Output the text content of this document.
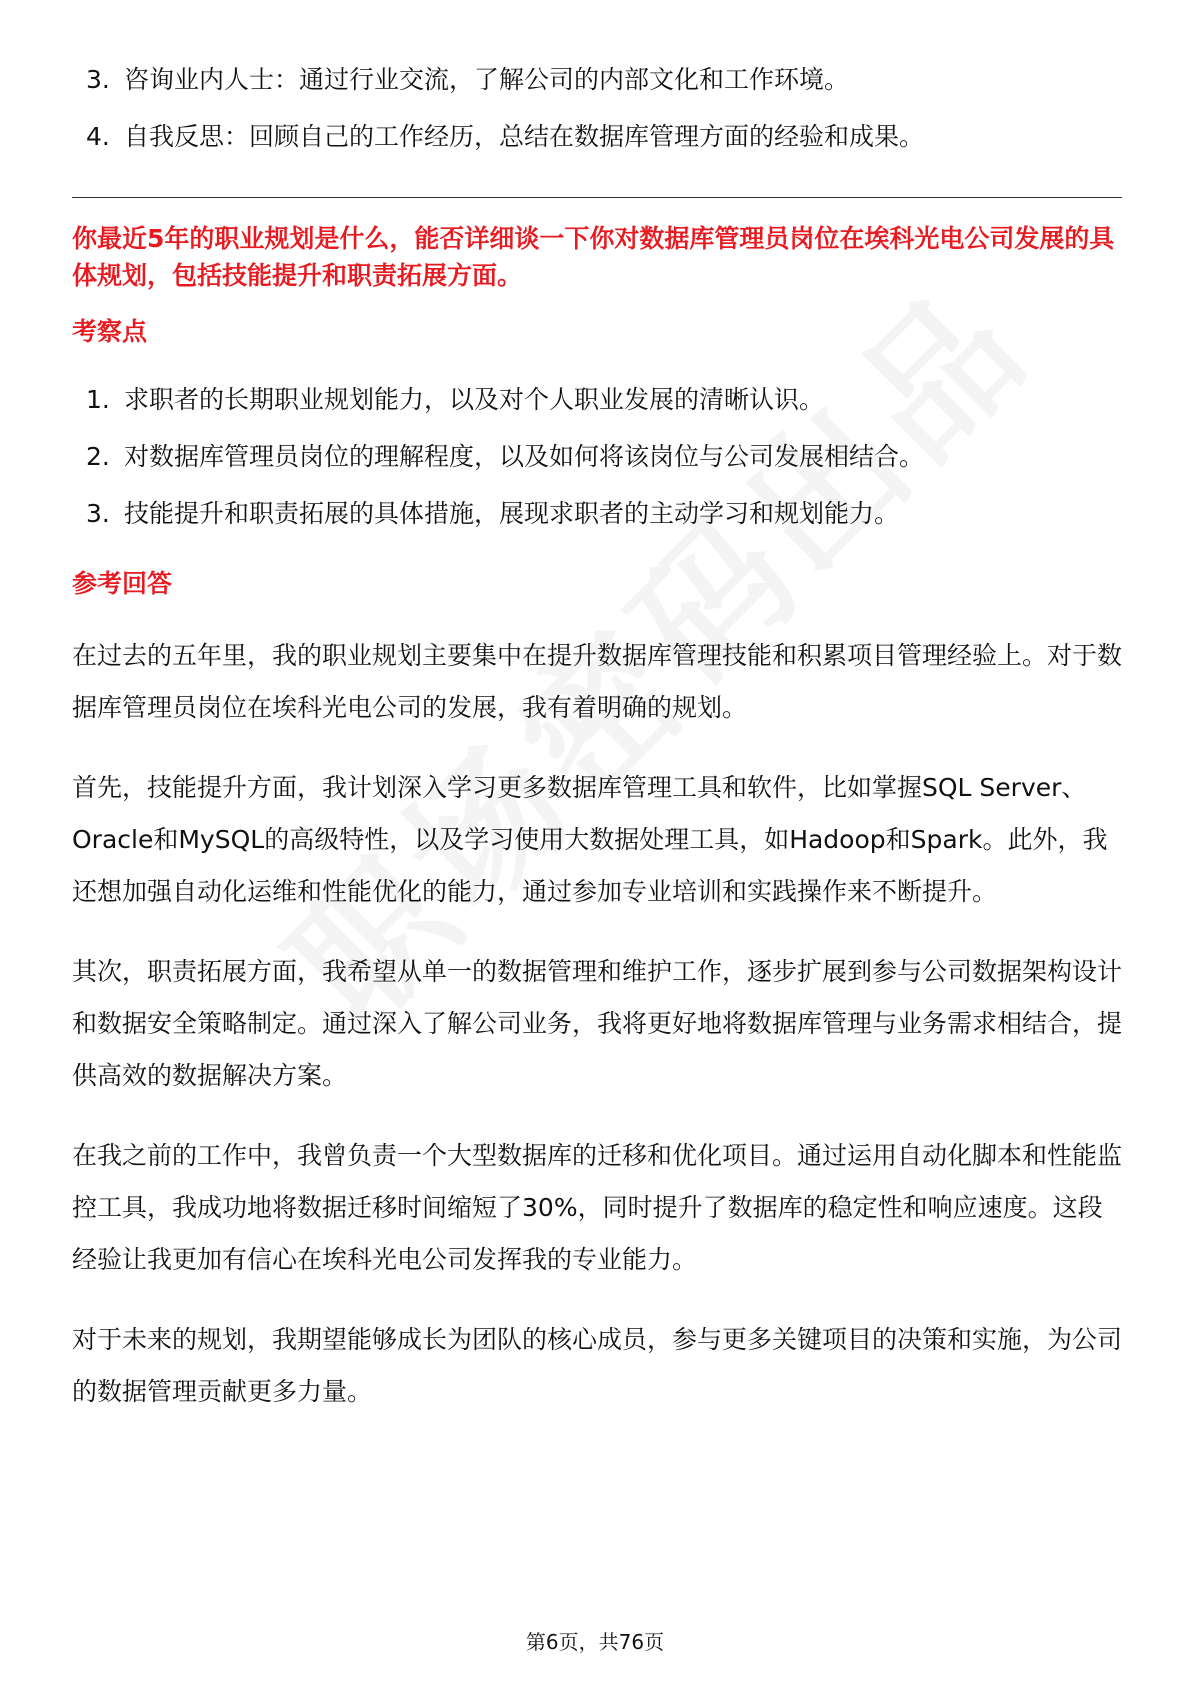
3. 咨询业内人士：通过行业交流，了解公司的内部文化和工作环境。
4. 自我反思：回顾自己的工作经历，总结在数据库管理方面的经验和成果。

你最近5年的职业规划是什么，能否详细谈一下你对数据库管理员岗位在埃科光电公司发展的具体规划，包括技能提升和职责拓展方面。

考察点
1. 求职者的长期职业规划能力，以及对个人职业发展的清晰认识。
2. 对数据库管理员岗位的理解程度，以及如何将该岗位与公司发展相结合。
3. 技能提升和职责拓展的具体措施，展现求职者的主动学习和规划能力。
参考回答

在过去的五年里，我的职业规划主要集中在提升数据库管理技能和积累项目管理经验上。对于数据库管理员岗位在埃科光电公司的发展，我有着明确的规划。

首先，技能提升方面，我计划深入学习更多数据库管理工具和软件，比如掌握SQL Server、Oracle和MySQL的高级特性，以及学习使用大数据处理工具，如Hadoop和Spark。此外，我还想加强自动化运维和性能优化的能力，通过参加专业培训和实践操作来不断提升。

其次，职责拓展方面，我希望从单一的数据管理和维护工作，逐步扩展到参与公司数据架构设计和数据安全策略制定。通过深入了解公司业务，我将更好地将数据库管理与业务需求相结合，提供高效的数据解决方案。

在我之前的工作中，我曾负责一个大型数据库的迁移和优化项目。通过运用自动化脚本和性能监控工具，我成功地将数据迁移时间缩短了30%，同时提升了数据库的稳定性和响应速度。这段经验让我更加有信心在埃科光电公司发挥我的专业能力。

对于未来的规划，我期望能够成长为团队的核心成员，参与更多关键项目的决策和实施，为公司的数据管理贡献更多力量。

第6页，共76页
